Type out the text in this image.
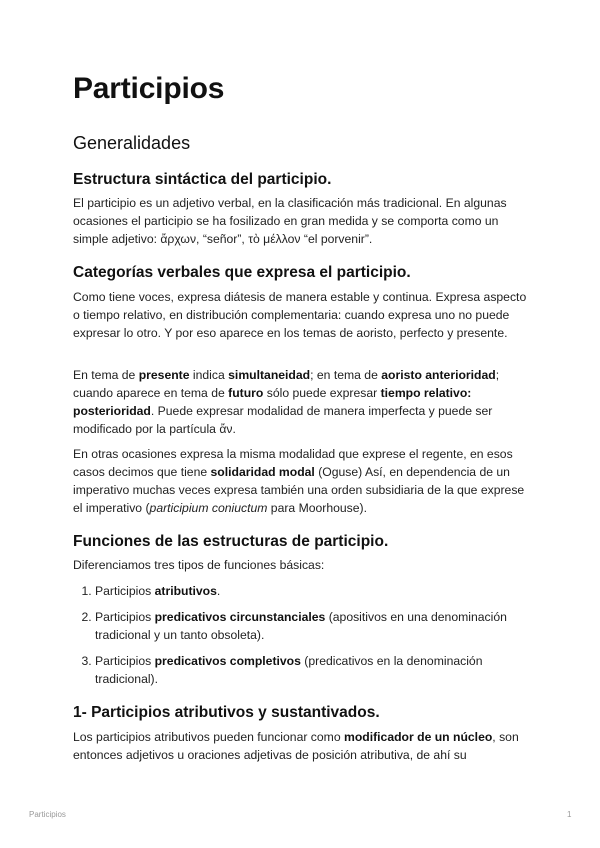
Participios
Generalidades
Estructura sintáctica del participio.

El participio es un adjetivo verbal, en la clasificación más tradicional. En algunas ocasiones el participio se ha fosilizado en gran medida y se comporta como un simple adjetivo: ἄρχων, “señor”, τὸ μέλλον “el porvenir”.

Categorías verbales que expresa el participio.

Como tiene voces, expresa diátesis de manera estable y continua. Expresa aspecto o tiempo relativo, en distribución complementaria: cuando expresa uno no puede expresar lo otro. Y por eso aparece en los temas de aoristo, perfecto y presente.

En tema de presente indica simultaneidad; en tema de aoristo anterioridad; cuando aparece en tema de futuro sólo puede expresar tiempo relativo: posterioridad. Puede expresar modalidad de manera imperfecta y puede ser modificado por la partícula ἄν.

En otras ocasiones expresa la misma modalidad que exprese el regente, en esos casos decimos que tiene solidaridad modal (Oguse) Así, en dependencia de un imperativo muchas veces expresa también una orden subsidiaria de la que exprese el imperativo (participium coniuctum para Moorhouse).

Funciones de las estructuras de participio.

Diferenciamos tres tipos de funciones básicas:

1. Participios atributivos.
2. Participios predicativos circunstanciales (apositivos en una denominación tradicional y un tanto obsoleta).
3. Participios predicativos completivos (predicativos en la denominación tradicional).
1- Participios atributivos y sustantivados.

Los participios atributivos pueden funcionar como modificador de un núcleo, son entonces adjetivos u oraciones adjetivas de posición atributiva, de ahí su

Participios	1
